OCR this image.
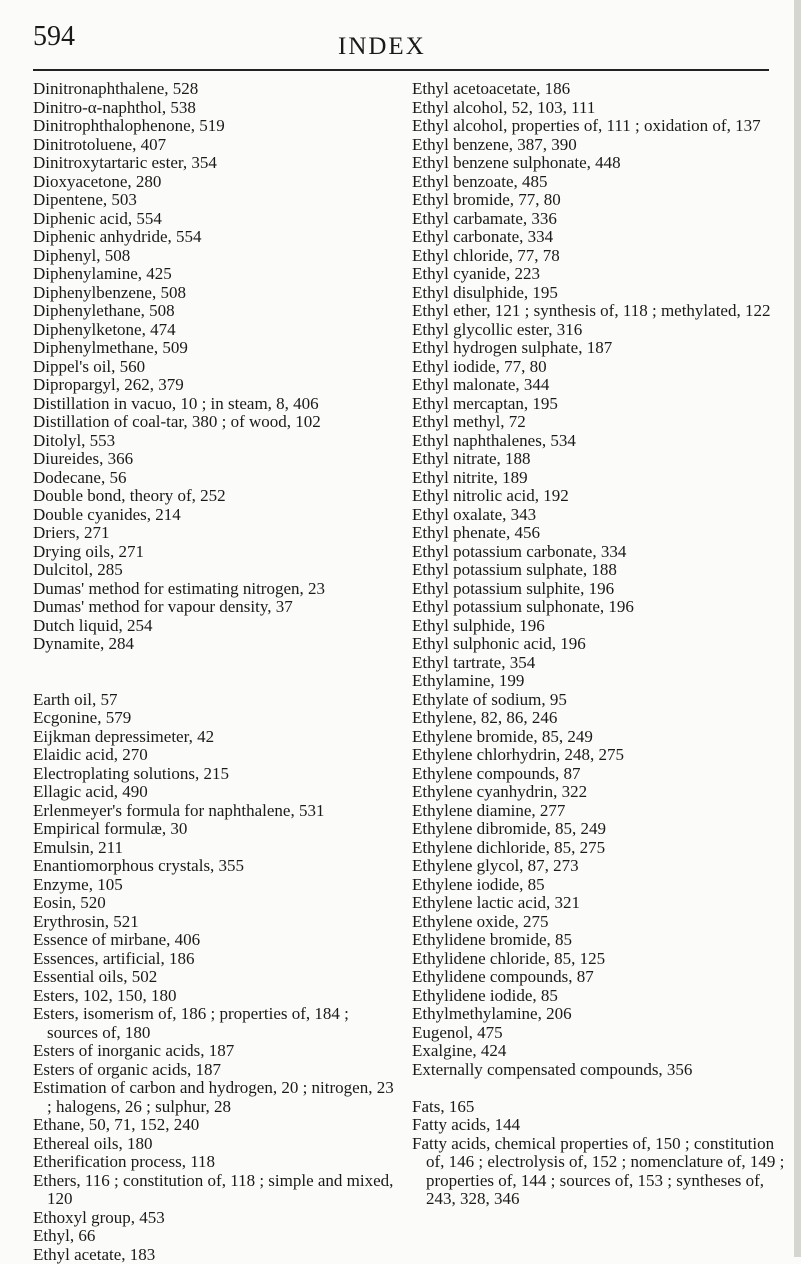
594	INDEX
Dinitronaphthalene, 528
Dinitro-α-naphthol, 538
Dinitrophthalophenone, 519
Dinitrotoluene, 407
Dinitroxytartaric ester, 354
Dioxyacetone, 280
Dipentene, 503
Diphenic acid, 554
Diphenic anhydride, 554
Diphenyl, 508
Diphenylamine, 425
Diphenylbenzene, 508
Diphenylethane, 508
Diphenylketone, 474
Diphenylmethane, 509
Dippel's oil, 560
Dipropargyl, 262, 379
Distillation in vacuo, 10 ; in steam, 8, 406
Distillation of coal-tar, 380 ; of wood, 102
Ditolyl, 553
Diureides, 366
Dodecane, 56
Double bond, theory of, 252
Double cyanides, 214
Driers, 271
Drying oils, 271
Dulcitol, 285
Dumas' method for estimating nitrogen, 23
Dumas' method for vapour density, 37
Dutch liquid, 254
Dynamite, 284
Earth oil, 57
Ecgonine, 579
Eijkman depressimeter, 42
Elaidic acid, 270
Electroplating solutions, 215
Ellagic acid, 490
Erlenmeyer's formula for naphthalene, 531
Empirical formulæ, 30
Emulsin, 211
Enantiomorphous crystals, 355
Enzyme, 105
Eosin, 520
Erythrosin, 521
Essence of mirbane, 406
Essences, artificial, 186
Essential oils, 502
Esters, 102, 150, 180
Esters, isomerism of, 186 ; properties of, 184 ; sources of, 180
Esters of inorganic acids, 187
Esters of organic acids, 187
Estimation of carbon and hydrogen, 20 ; nitrogen, 23 ; halogens, 26 ; sulphur, 28
Ethane, 50, 71, 152, 240
Ethereal oils, 180
Etherification process, 118
Ethers, 116 ; constitution of, 118 ; simple and mixed, 120
Ethoxyl group, 453
Ethyl, 66
Ethyl acetate, 183
Ethyl acetoacetate, 186
Ethyl alcohol, 52, 103, 111
Ethyl alcohol, properties of, 111 ; oxidation of, 137
Ethyl benzene, 387, 390
Ethyl benzene sulphonate, 448
Ethyl benzoate, 485
Ethyl bromide, 77, 80
Ethyl carbamate, 336
Ethyl carbonate, 334
Ethyl chloride, 77, 78
Ethyl cyanide, 223
Ethyl disulphide, 195
Ethyl ether, 121 ; synthesis of, 118 ; methylated, 122
Ethyl glycollic ester, 316
Ethyl hydrogen sulphate, 187
Ethyl iodide, 77, 80
Ethyl malonate, 344
Ethyl mercaptan, 195
Ethyl methyl, 72
Ethyl naphthalenes, 534
Ethyl nitrate, 188
Ethyl nitrite, 189
Ethyl nitrolic acid, 192
Ethyl oxalate, 343
Ethyl phenate, 456
Ethyl potassium carbonate, 334
Ethyl potassium sulphate, 188
Ethyl potassium sulphite, 196
Ethyl potassium sulphonate, 196
Ethyl sulphide, 196
Ethyl sulphonic acid, 196
Ethyl tartrate, 354
Ethylamine, 199
Ethylate of sodium, 95
Ethylene, 82, 86, 246
Ethylene bromide, 85, 249
Ethylene chlorhydrin, 248, 275
Ethylene compounds, 87
Ethylene cyanhydrin, 322
Ethylene diamine, 277
Ethylene dibromide, 85, 249
Ethylene dichloride, 85, 275
Ethylene glycol, 87, 273
Ethylene iodide, 85
Ethylene lactic acid, 321
Ethylene oxide, 275
Ethylidene bromide, 85
Ethylidene chloride, 85, 125
Ethylidene compounds, 87
Ethylidene iodide, 85
Ethylmethylamine, 206
Eugenol, 475
Exalgine, 424
Externally compensated compounds, 356
Fats, 165
Fatty acids, 144
Fatty acids, chemical properties of, 150 ; constitution of, 146 ; electrolysis of, 152 ; nomenclature of, 149 ; properties of, 144 ; sources of, 153 ; syntheses of, 243, 328, 346
